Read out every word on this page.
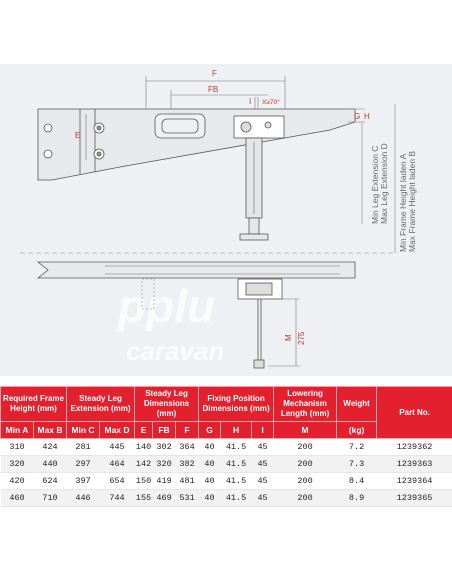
pplu
caravan
F
FB
I X≥70°
E
G H
Min Leg Extension C Max Leg Extension D Min Frame Height laden A Max Frame Height laden B
M 275
Required Frame Height (mm)		Steady Leg Extension (mm)		Steady Leg Dimensions (mm)			Fixing Position Dimensions (mm)			Lowering Mechanism Length (mm)	Weight	Part No.
Min A	Max B	Min C	Max D	E	FB	F	G	H	I	M	(kg)	
310	424	281	445	140	302	364	40	41.5	45	200	7.2	1239362
320	440	297	464	142	320	382	40	41.5	45	200	7.3	1239363
420	624	397	654	150	419	481	40	41.5	45	200	8.4	1239364
460	710	446	744	155	469	531	40	41.5	45	200	8.9	1239365
